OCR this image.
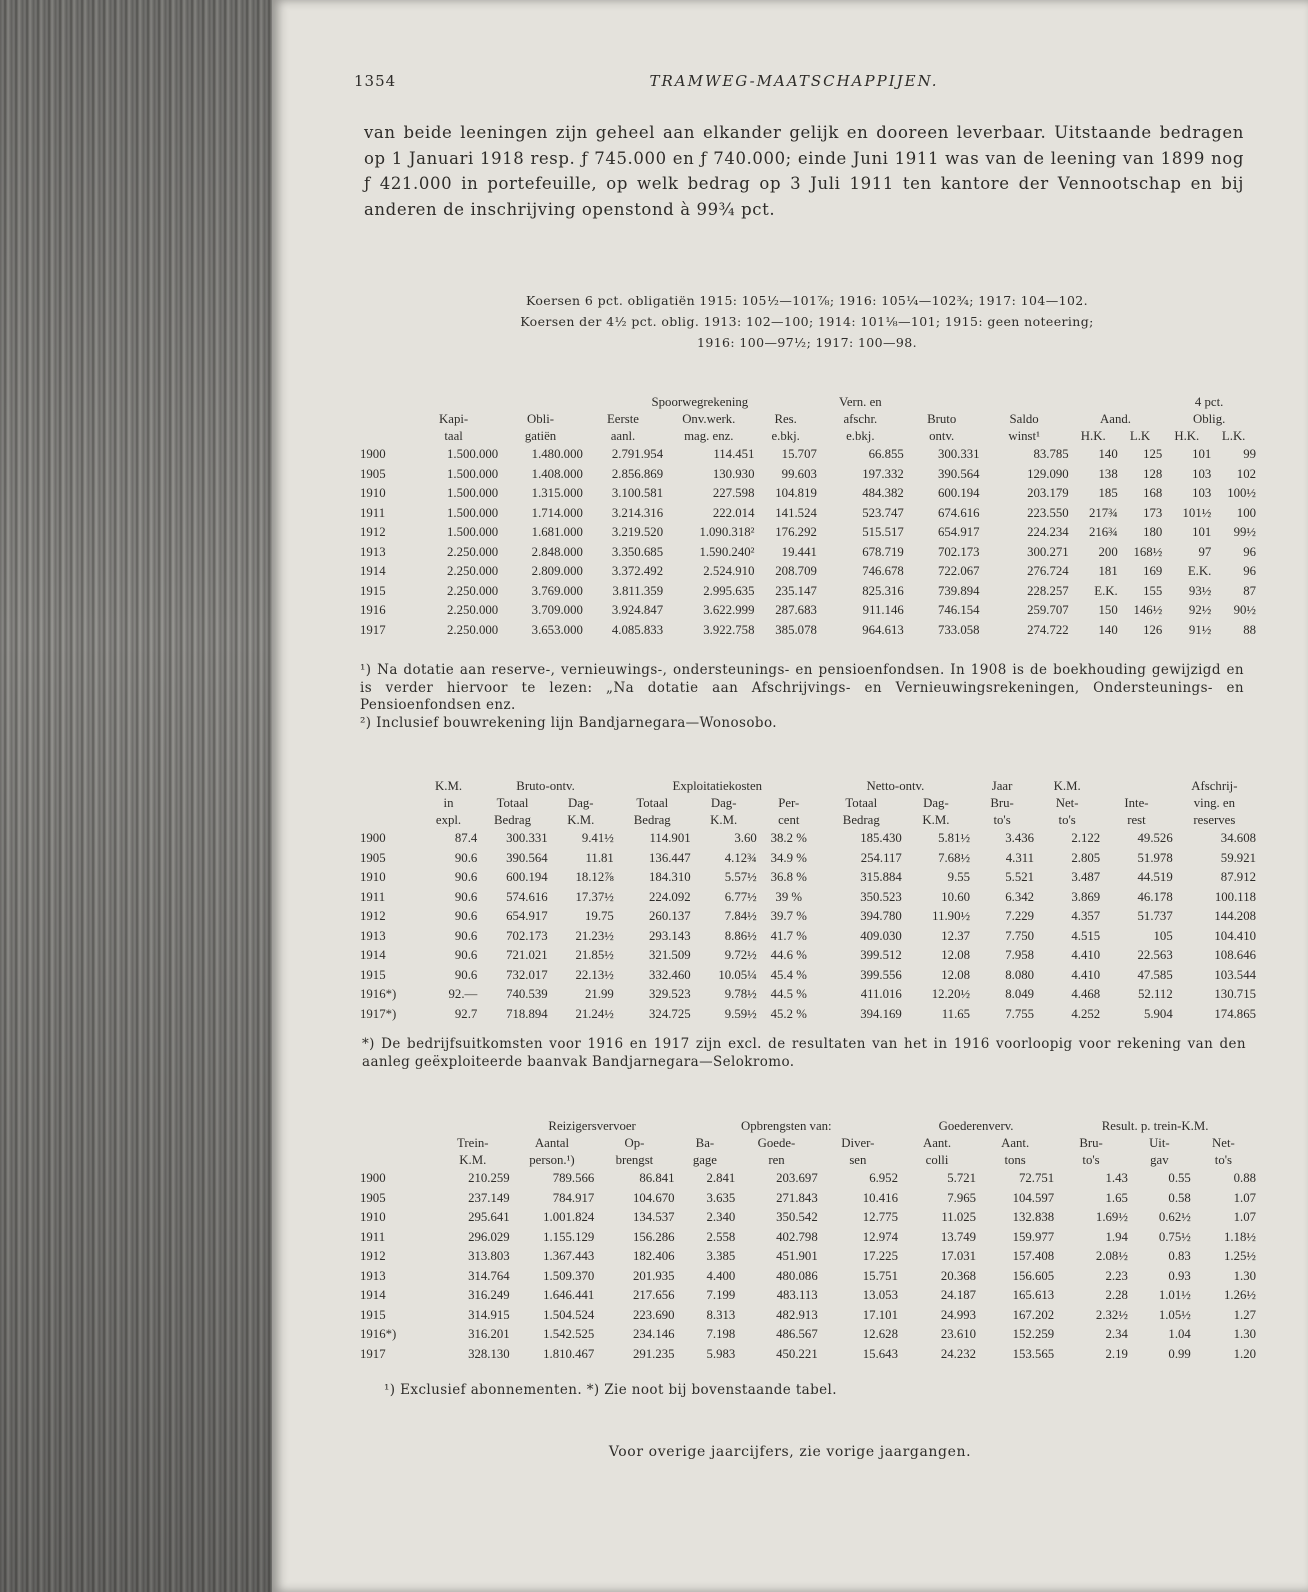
1354	TRAMWEG-MAATSCHAPPIJEN.

van beide leeningen zijn geheel aan elkander gelijk en dooreen leverbaar. Uitstaande bedragen op 1 Januari 1918 resp. ƒ 745.000 en ƒ 740.000; einde Juni 1911 was van de leening van 1899 nog ƒ 421.000 in portefeuille, op welk bedrag op 3 Juli 1911 ten kantore der Vennootschap en bij anderen de inschrijving openstond à 99¾ pct.

Koersen 6 pct. obligatiën 1915: 105½—101⅞; 1916: 105¼—102¾; 1917: 104—102.

Koersen der 4½ pct. oblig. 1913: 102—100; 1914: 101⅛—101; 1915: geen noteering;

1916: 100—97½; 1917: 100—98.

			Spoorwegrekening			Vern. en					4 pct.	
	Kapi-	Obli-	Eerste	Onv.werk.	Res.	afschr.	Bruto	Saldo	Aand.		Oblig.	
	taal	gatiën	aanl.	mag. enz.	e.bkj.	e.bkj.	ontv.	winst¹	H.K.	L.K	H.K.	L.K.
1900	1.500.000	1.480.000	2.791.954	114.451	15.707	66.855	300.331	83.785	140	125	101	99
1905	1.500.000	1.408.000	2.856.869	130.930	99.603	197.332	390.564	129.090	138	128	103	102
1910	1.500.000	1.315.000	3.100.581	227.598	104.819	484.382	600.194	203.179	185	168	103	100½
1911	1.500.000	1.714.000	3.214.316	222.014	141.524	523.747	674.616	223.550	217¾	173	101½	100
1912	1.500.000	1.681.000	3.219.520	1.090.318²	176.292	515.517	654.917	224.234	216¾	180	101	99½
1913	2.250.000	2.848.000	3.350.685	1.590.240²	19.441	678.719	702.173	300.271	200	168½	97	96
1914	2.250.000	2.809.000	3.372.492	2.524.910	208.709	746.678	722.067	276.724	181	169	E.K.	96
1915	2.250.000	3.769.000	3.811.359	2.995.635	235.147	825.316	739.894	228.257	E.K.	155	93½	87
1916	2.250.000	3.709.000	3.924.847	3.622.999	287.683	911.146	746.154	259.707	150	146½	92½	90½
1917	2.250.000	3.653.000	4.085.833	3.922.758	385.078	964.613	733.058	274.722	140	126	91½	88

¹) Na dotatie aan reserve-, vernieuwings-, ondersteunings- en pensioenfondsen. In 1908 is de boekhouding gewijzigd en is verder hiervoor te lezen: „Na dotatie aan Afschrijvings- en Vernieuwingsrekeningen, Ondersteunings- en Pensioenfondsen enz.

²) Inclusief bouwrekening lijn Bandjarnegara—Wonosobo.

	K.M.	Bruto-ontv.		Exploitatiekosten			Netto-ontv.		Jaar	K.M.		Afschrij-
	in	Totaal	Dag-	Totaal	Dag-	Per-	Totaal	Dag-	Bru-	Net-	Inte-	ving. en
	expl.	Bedrag	K.M.	Bedrag	K.M.	cent	Bedrag	K.M.	to's	to's	rest	reserves
1900	87.4	300.331	9.41½	114.901	3.60	38.2 %	185.430	5.81½	3.436	2.122	49.526	34.608
1905	90.6	390.564	11.81	136.447	4.12¾	34.9 %	254.117	7.68½	4.311	2.805	51.978	59.921
1910	90.6	600.194	18.12⅞	184.310	5.57½	36.8 %	315.884	9.55	5.521	3.487	44.519	87.912
1911	90.6	574.616	17.37½	224.092	6.77½	39 %	350.523	10.60	6.342	3.869	46.178	100.118
1912	90.6	654.917	19.75	260.137	7.84½	39.7 %	394.780	11.90½	7.229	4.357	51.737	144.208
1913	90.6	702.173	21.23½	293.143	8.86½	41.7 %	409.030	12.37	7.750	4.515	105	104.410
1914	90.6	721.021	21.85½	321.509	9.72½	44.6 %	399.512	12.08	7.958	4.410	22.563	108.646
1915	90.6	732.017	22.13½	332.460	10.05¼	45.4 %	399.556	12.08	8.080	4.410	47.585	103.544
1916*)	92.—	740.539	21.99	329.523	9.78½	44.5 %	411.016	12.20½	8.049	4.468	52.112	130.715
1917*)	92.7	718.894	21.24½	324.725	9.59½	45.2 %	394.169	11.65	7.755	4.252	5.904	174.865

*) De bedrijfsuitkomsten voor 1916 en 1917 zijn excl. de resultaten van het in 1916 voorloopig voor rekening van den aanleg geëxploiteerde baanvak Bandjarnegara—Selokromo.

		Reizigersvervoer		Opbrengsten van:			Goederenverv.		Result. p. trein-K.M.		
	Trein-	Aantal	Op-	Ba-	Goede-	Diver-	Aant.	Aant.	Bru-	Uit-	Net-
	K.M.	person.¹)	brengst	gage	ren	sen	colli	tons	to's	gav	to's
1900	210.259	789.566	86.841	2.841	203.697	6.952	5.721	72.751	1.43	0.55	0.88
1905	237.149	784.917	104.670	3.635	271.843	10.416	7.965	104.597	1.65	0.58	1.07
1910	295.641	1.001.824	134.537	2.340	350.542	12.775	11.025	132.838	1.69½	0.62½	1.07
1911	296.029	1.155.129	156.286	2.558	402.798	12.974	13.749	159.977	1.94	0.75½	1.18½
1912	313.803	1.367.443	182.406	3.385	451.901	17.225	17.031	157.408	2.08½	0.83	1.25½
1913	314.764	1.509.370	201.935	4.400	480.086	15.751	20.368	156.605	2.23	0.93	1.30
1914	316.249	1.646.441	217.656	7.199	483.113	13.053	24.187	165.613	2.28	1.01½	1.26½
1915	314.915	1.504.524	223.690	8.313	482.913	17.101	24.993	167.202	2.32½	1.05½	1.27
1916*)	316.201	1.542.525	234.146	7.198	486.567	12.628	23.610	152.259	2.34	1.04	1.30
1917	328.130	1.810.467	291.235	5.983	450.221	15.643	24.232	153.565	2.19	0.99	1.20

¹) Exclusief abonnementen. *) Zie noot bij bovenstaande tabel.

Voor overige jaarcijfers, zie vorige jaargangen.
